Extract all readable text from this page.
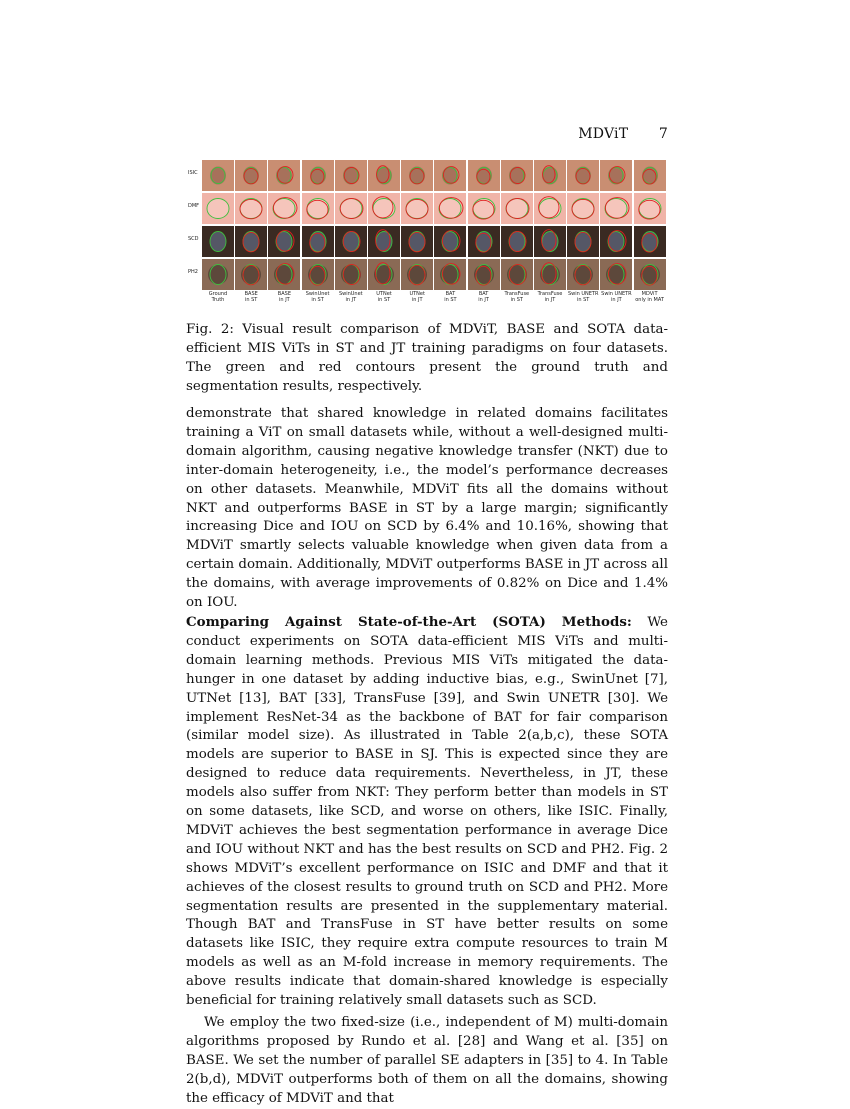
MDViT 7
ISIC
DMF
SCD
PH2
Ground
Truth
BASE
in ST
BASE
in JT
SwinUnet
in ST
SwinUnet
in JT
UTNet
in ST
UTNet
in JT
BAT
in ST
BAT
in JT
TransFuse
in ST
TransFuse
in JT
Swin UNETR
in ST
Swin UNETR
in JT
MDViT
only in MAT
Fig. 2: Visual result comparison of MDViT, BASE and SOTA data-efficient MIS ViTs in ST and JT training paradigms on four datasets. The green and red contours present the ground truth and segmentation results, respectively.

demonstrate that shared knowledge in related domains facilitates training a ViT on small datasets while, without a well-designed multi-domain algorithm, causing negative knowledge transfer (NKT) due to inter-domain heterogeneity, i.e., the model’s performance decreases on other datasets. Meanwhile, MDViT fits all the domains without NKT and outperforms BASE in ST by a large margin; significantly increasing Dice and IOU on SCD by 6.4% and 10.16%, showing that MDViT smartly selects valuable knowledge when given data from a certain domain. Additionally, MDViT outperforms BASE in JT across all the domains, with average improvements of 0.82% on Dice and 1.4% on IOU.

Comparing Against State-of-the-Art (SOTA) Methods: We conduct experiments on SOTA data-efficient MIS ViTs and multi-domain learning methods. Previous MIS ViTs mitigated the data-hunger in one dataset by adding inductive bias, e.g., SwinUnet [7], UTNet [13], BAT [33], TransFuse [39], and Swin UNETR [30]. We implement ResNet-34 as the backbone of BAT for fair comparison (similar model size). As illustrated in Table 2(a,b,c), these SOTA models are superior to BASE in SJ. This is expected since they are designed to reduce data requirements. Nevertheless, in JT, these models also suffer from NKT: They perform better than models in ST on some datasets, like SCD, and worse on others, like ISIC. Finally, MDViT achieves the best segmentation performance in average Dice and IOU without NKT and has the best results on SCD and PH2. Fig. 2 shows MDViT’s excellent performance on ISIC and DMF and that it achieves of the closest results to ground truth on SCD and PH2. More segmentation results are presented in the supplementary material. Though BAT and TransFuse in ST have better results on some datasets like ISIC, they require extra compute resources to train M models as well as an M-fold increase in memory requirements. The above results indicate that domain-shared knowledge is especially beneficial for training relatively small datasets such as SCD.

We employ the two fixed-size (i.e., independent of M) multi-domain algorithms proposed by Rundo et al. [28] and Wang et al. [35] on BASE. We set the number of parallel SE adapters in [35] to 4. In Table 2(b,d), MDViT outperforms both of them on all the domains, showing the efficacy of MDViT and that
